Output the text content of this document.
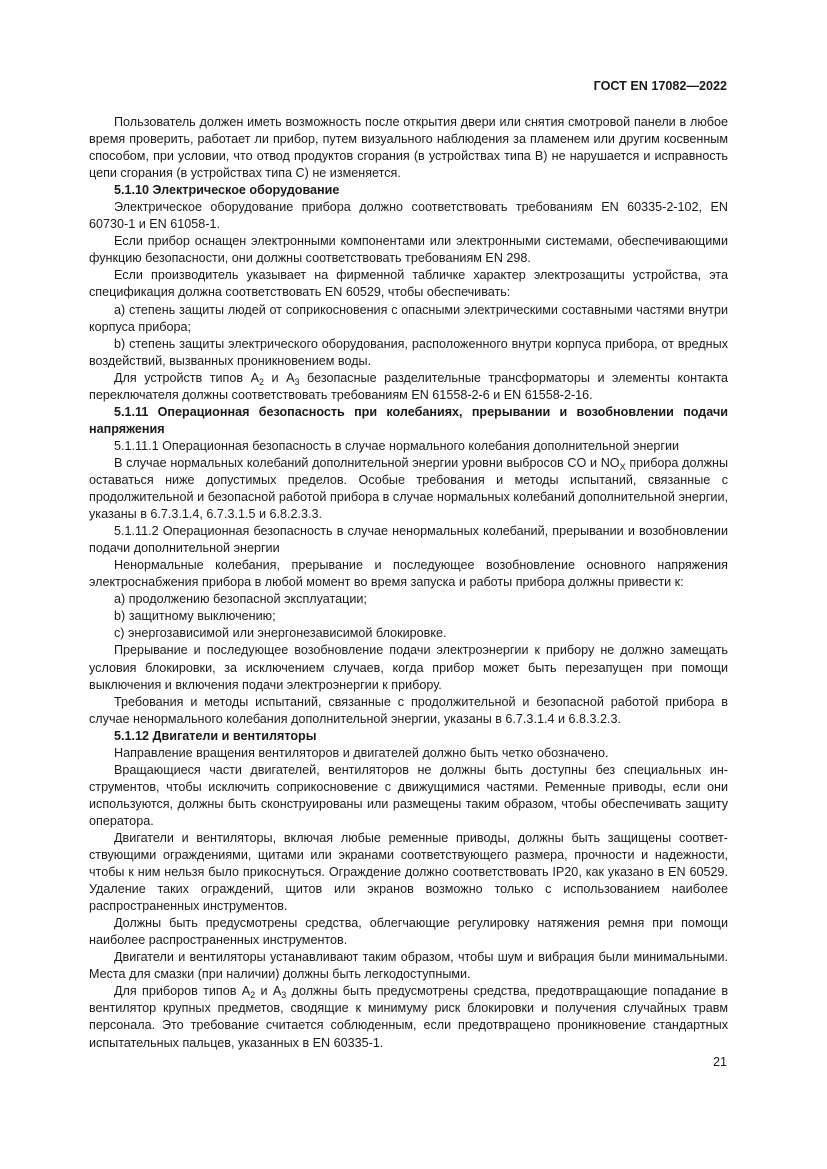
ГОСТ EN 17082—2022

Пользователь должен иметь возможность после открытия двери или снятия смотровой панели в любое время проверить, работает ли прибор, путем визуального наблюдения за пламенем или другим косвенным способом, при условии, что отвод продуктов сгорания (в устройствах типа В) не нарушается и исправность цепи сгорания (в устройствах типа С) не изменяется.

5.1.10 Электрическое оборудование

Электрическое оборудование прибора должно соответствовать требованиям EN 60335-2-102, EN 60730-1 и EN 61058-1.

Если прибор оснащен электронными компонентами или электронными системами, обеспечивающими функцию безопасности, они должны соответствовать требованиям EN 298.

Если производитель указывает на фирменной табличке характер электрозащиты устройства, эта спецификация должна соответствовать EN 60529, чтобы обеспечивать:

а) степень защиты людей от соприкосновения с опасными электрическими составными частями внутри корпуса прибора;

b) степень защиты электрического оборудования, расположенного внутри корпуса прибора, от вредных воздействий, вызванных проникновением воды.

Для устройств типов $А_2$ и $А_3$ безопасные разделительные трансформаторы и элементы контакта переключателя должны соответствовать требованиям EN 61558-2-6 и EN 61558-2-16.

5.1.11 Операционная безопасность при колебаниях, прерывании и возобновлении подачи напряжения

5.1.11.1 Операционная безопасность в случае нормального колебания дополнительной энергии

В случае нормальных колебаний дополнительной энергии уровни выбросов CO и $NO_X$ прибора должны оставаться ниже допустимых пределов. Особые требования и методы испытаний, связанные с продолжительной и безопасной работой прибора в случае нормальных колебаний дополнительной энергии, указаны в 6.7.3.1.4, 6.7.3.1.5 и 6.8.2.3.3.

5.1.11.2 Операционная безопасность в случае ненормальных колебаний, прерывании и возобновлении подачи дополнительной энергии

Ненормальные колебания, прерывание и последующее возобновление основного напряжения электроснабжения прибора в любой момент во время запуска и работы прибора должны привести к:

а) продолжению безопасной эксплуатации;

b) защитному выключению;

с) энергозависимой или энергонезависимой блокировке.

Прерывание и последующее возобновление подачи электроэнергии к прибору не должно замещать условия блокировки, за исключением случаев, когда прибор может быть перезапущен при помощи выключения и включения подачи электроэнергии к прибору.

Требования и методы испытаний, связанные с продолжительной и безопасной работой прибора в случае ненормального колебания дополнительной энергии, указаны в 6.7.3.1.4 и 6.8.3.2.3.

5.1.12 Двигатели и вентиляторы

Направление вращения вентиляторов и двигателей должно быть четко обозначено.

Вращающиеся части двигателей, вентиляторов не должны быть доступны без специальных инструментов, чтобы исключить соприкосновение с движущимися частями. Ременные приводы, если они используются, должны быть сконструированы или размещены таким образом, чтобы обеспечивать защиту оператора.

Двигатели и вентиляторы, включая любые ременные приводы, должны быть защищены соответствующими ограждениями, щитами или экранами соответствующего размера, прочности и надежности, чтобы к ним нельзя было прикоснуться. Ограждение должно соответствовать IP20, как указано в EN 60529. Удаление таких ограждений, щитов или экранов возможно только с использованием наиболее распространенных инструментов.

Должны быть предусмотрены средства, облегчающие регулировку натяжения ремня при помощи наиболее распространенных инструментов.

Двигатели и вентиляторы устанавливают таким образом, чтобы шум и вибрация были минимальными. Места для смазки (при наличии) должны быть легкодоступными.

Для приборов типов $А_2$ и $А_3$ должны быть предусмотрены средства, предотвращающие попадание в вентилятор крупных предметов, сводящие к минимуму риск блокировки и получения случайных травм персонала. Это требование считается соблюденным, если предотвращено проникновение стандартных испытательных пальцев, указанных в EN 60335-1.

21
